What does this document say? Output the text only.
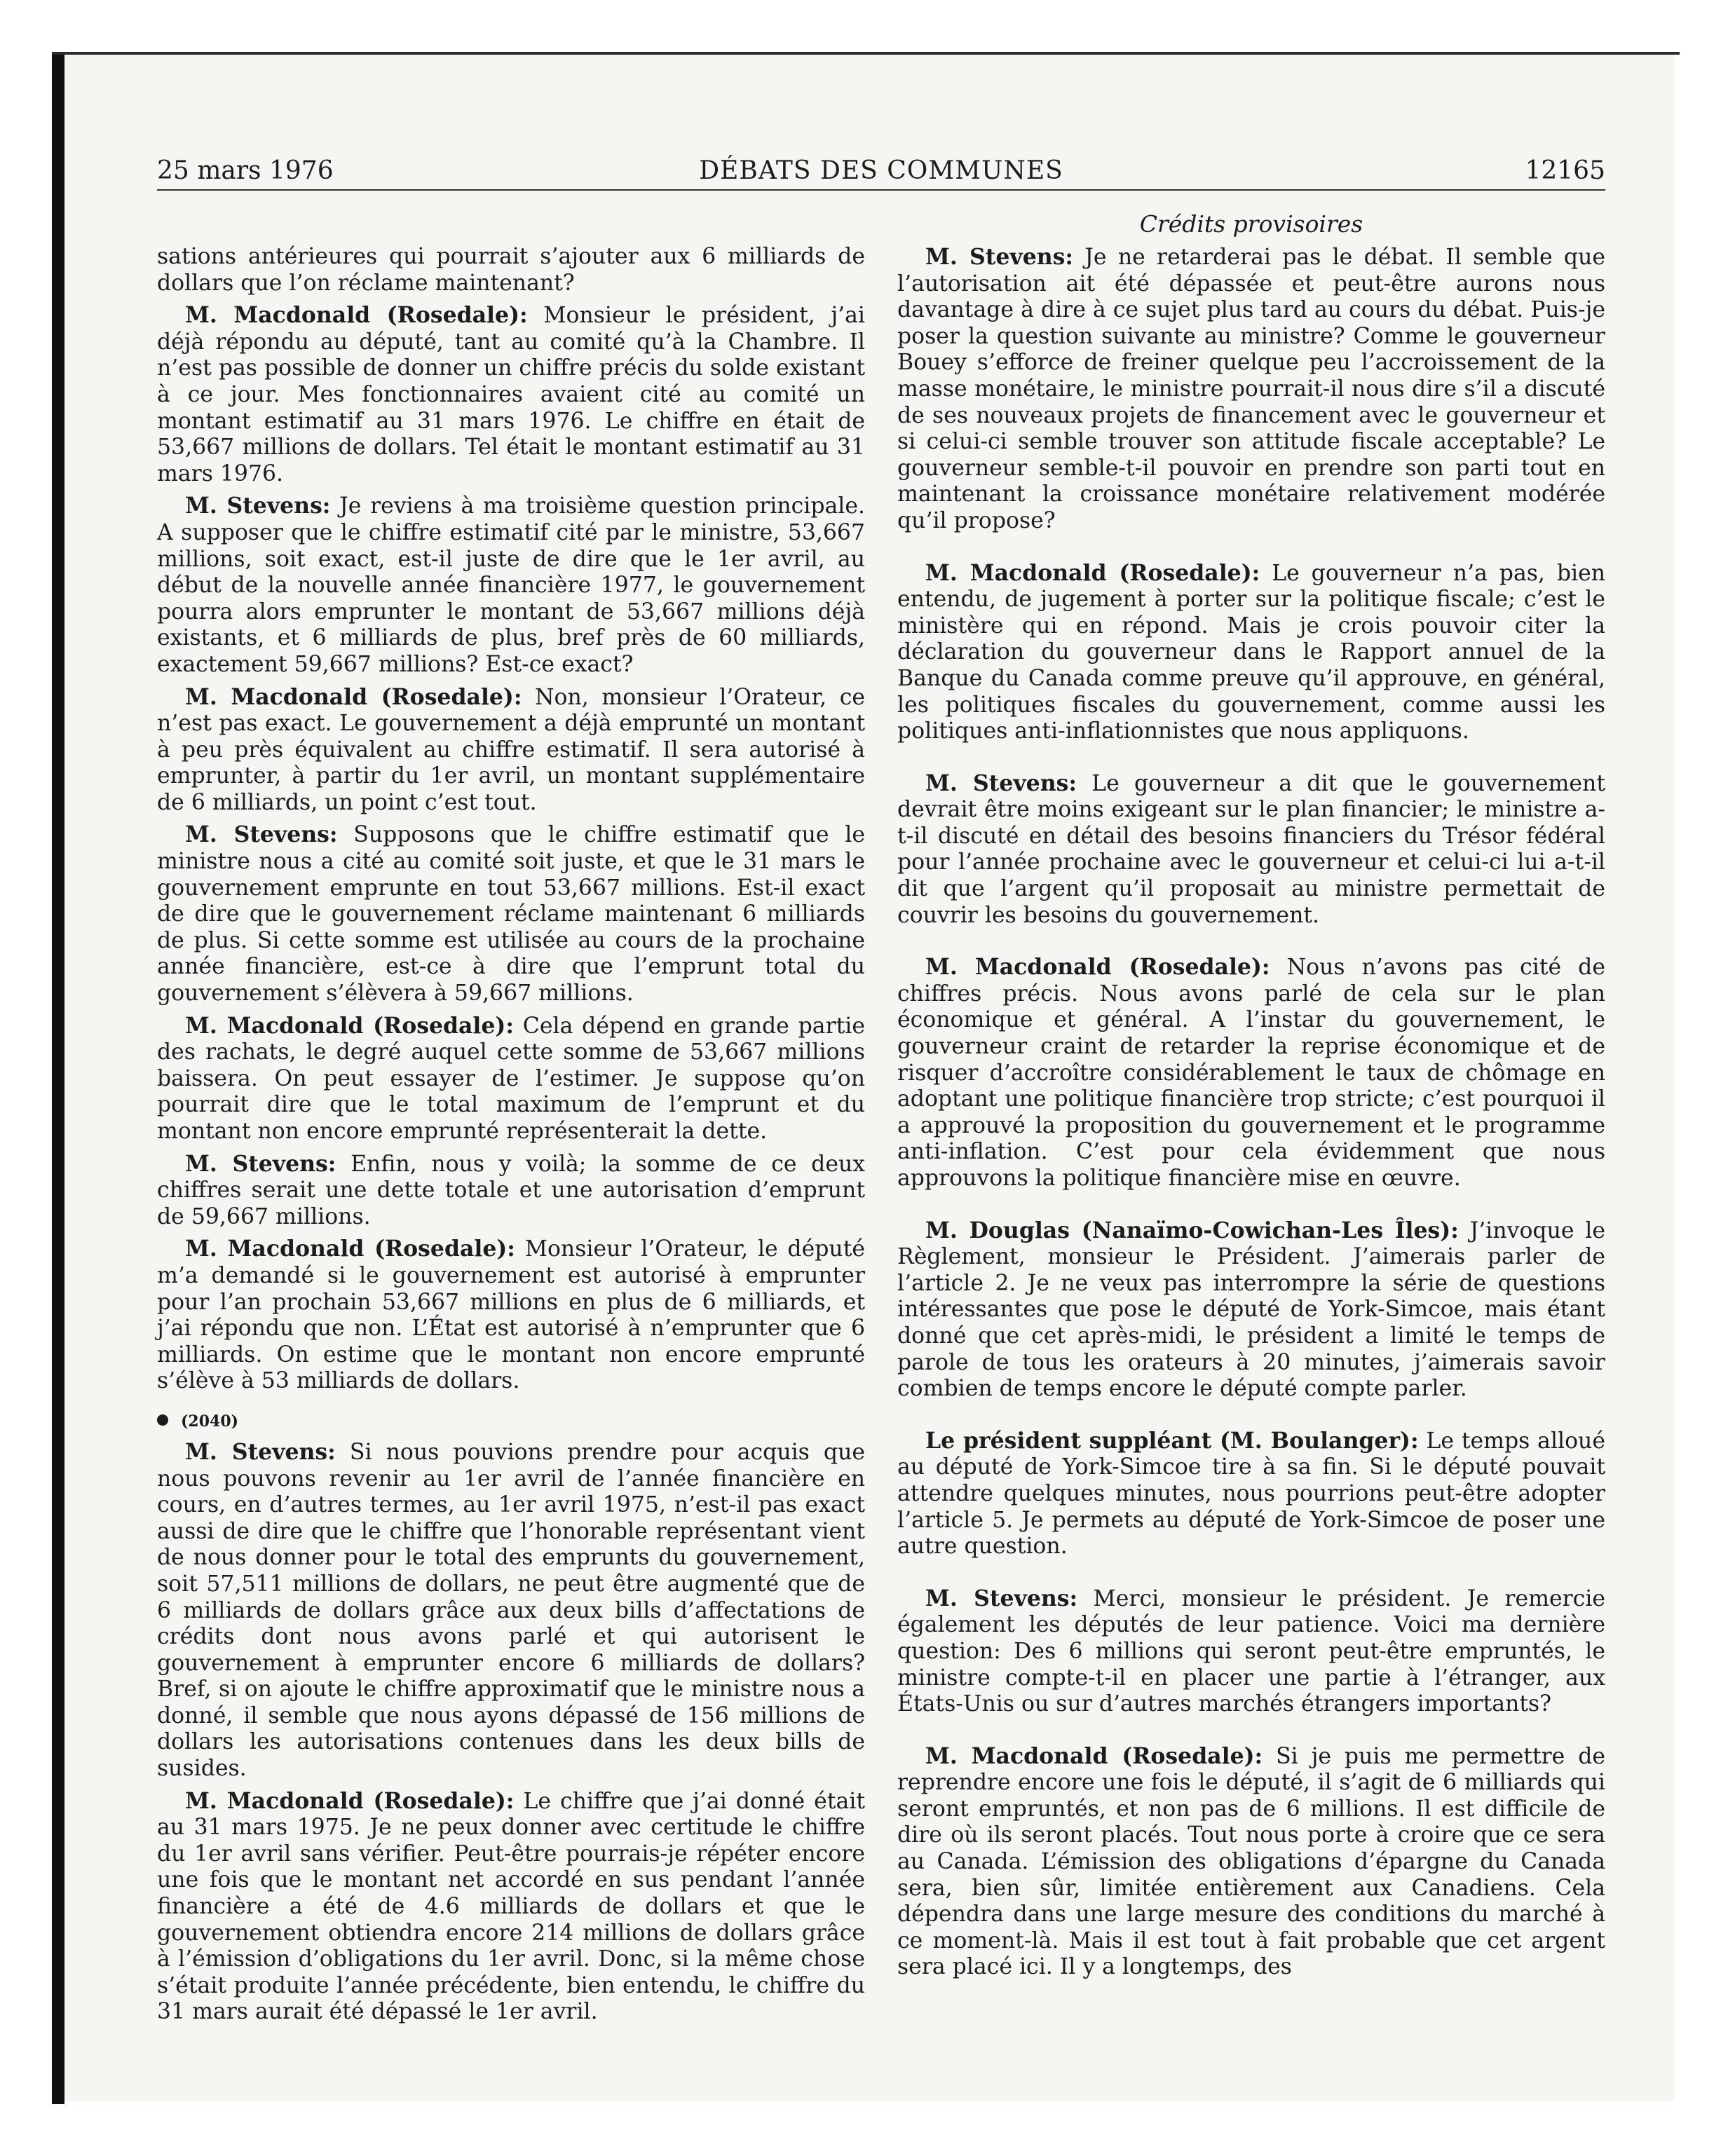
25 mars 1976	DÉBATS DES COMMUNES	12165
Crédits provisoires

sations antérieures qui pourrait s’ajouter aux 6 milliards de dollars que l’on réclame maintenant?

M. Macdonald (Rosedale): Monsieur le président, j’ai déjà répondu au député, tant au comité qu’à la Chambre. Il n’est pas possible de donner un chiffre précis du solde existant à ce jour. Mes fonctionnaires avaient cité au comité un montant estimatif au 31 mars 1976. Le chiffre en était de 53,667 millions de dollars. Tel était le montant estimatif au 31 mars 1976.

M. Stevens: Je reviens à ma troisième question principale. A supposer que le chiffre estimatif cité par le ministre, 53,667 millions, soit exact, est-il juste de dire que le 1er avril, au début de la nouvelle année financière 1977, le gouvernement pourra alors emprunter le montant de 53,667 millions déjà existants, et 6 milliards de plus, bref près de 60 milliards, exactement 59,667 millions? Est-ce exact?

M. Macdonald (Rosedale): Non, monsieur l’Orateur, ce n’est pas exact. Le gouvernement a déjà emprunté un montant à peu près équivalent au chiffre estimatif. Il sera autorisé à emprunter, à partir du 1er avril, un montant supplémentaire de 6 milliards, un point c’est tout.

M. Stevens: Supposons que le chiffre estimatif que le ministre nous a cité au comité soit juste, et que le 31 mars le gouvernement emprunte en tout 53,667 millions. Est-il exact de dire que le gouvernement réclame maintenant 6 milliards de plus. Si cette somme est utilisée au cours de la prochaine année financière, est-ce à dire que l’emprunt total du gouvernement s’élèvera à 59,667 millions.

M. Macdonald (Rosedale): Cela dépend en grande partie des rachats, le degré auquel cette somme de 53,667 millions baissera. On peut essayer de l’estimer. Je suppose qu’on pourrait dire que le total maximum de l’emprunt et du montant non encore emprunté représenterait la dette.

M. Stevens: Enfin, nous y voilà; la somme de ce deux chiffres serait une dette totale et une autorisation d’emprunt de 59,667 millions.

M. Macdonald (Rosedale): Monsieur l’Orateur, le député m’a demandé si le gouvernement est autorisé à emprunter pour l’an prochain 53,667 millions en plus de 6 milliards, et j’ai répondu que non. L’État est autorisé à n’emprunter que 6 milliards. On estime que le montant non encore emprunté s’élève à 53 milliards de dollars.

(2040)

M. Stevens: Si nous pouvions prendre pour acquis que nous pouvons revenir au 1er avril de l’année financière en cours, en d’autres termes, au 1er avril 1975, n’est-il pas exact aussi de dire que le chiffre que l’honorable représentant vient de nous donner pour le total des emprunts du gouvernement, soit 57,511 millions de dollars, ne peut être augmenté que de 6 milliards de dollars grâce aux deux bills d’affectations de crédits dont nous avons parlé et qui autorisent le gouvernement à emprunter encore 6 milliards de dollars? Bref, si on ajoute le chiffre approximatif que le ministre nous a donné, il semble que nous ayons dépassé de 156 millions de dollars les autorisations contenues dans les deux bills de susides.

M. Macdonald (Rosedale): Le chiffre que j’ai donné était au 31 mars 1975. Je ne peux donner avec certitude le chiffre du 1er avril sans vérifier. Peut-être pourrais-je répéter encore une fois que le montant net accordé en sus pendant l’année financière a été de 4.6 milliards de dollars et que le gouvernement obtiendra encore 214 millions de dollars grâce à l’émission d’obligations du 1er avril. Donc, si la même chose s’était produite l’année précédente, bien entendu, le chiffre du 31 mars aurait été dépassé le 1er avril.

M. Stevens: Je ne retarderai pas le débat. Il semble que l’autorisation ait été dépassée et peut-être aurons nous davantage à dire à ce sujet plus tard au cours du débat. Puis-je poser la question suivante au ministre? Comme le gouverneur Bouey s’efforce de freiner quelque peu l’accroissement de la masse monétaire, le ministre pourrait-il nous dire s’il a discuté de ses nouveaux projets de financement avec le gouverneur et si celui-ci semble trouver son attitude fiscale acceptable? Le gouverneur semble-t-il pouvoir en prendre son parti tout en maintenant la croissance monétaire relativement modérée qu’il propose?

M. Macdonald (Rosedale): Le gouverneur n’a pas, bien entendu, de jugement à porter sur la politique fiscale; c’est le ministère qui en répond. Mais je crois pouvoir citer la déclaration du gouverneur dans le Rapport annuel de la Banque du Canada comme preuve qu’il approuve, en général, les politiques fiscales du gouvernement, comme aussi les politiques anti-inflationnistes que nous appliquons.

M. Stevens: Le gouverneur a dit que le gouvernement devrait être moins exigeant sur le plan financier; le ministre a-t-il discuté en détail des besoins financiers du Trésor fédéral pour l’année prochaine avec le gouverneur et celui-ci lui a-t-il dit que l’argent qu’il proposait au ministre permettait de couvrir les besoins du gouvernement.

M. Macdonald (Rosedale): Nous n’avons pas cité de chiffres précis. Nous avons parlé de cela sur le plan économique et général. A l’instar du gouvernement, le gouverneur craint de retarder la reprise économique et de risquer d’accroître considérablement le taux de chômage en adoptant une politique financière trop stricte; c’est pourquoi il a approuvé la proposition du gouvernement et le programme anti-inflation. C’est pour cela évidemment que nous approuvons la politique financière mise en œuvre.

M. Douglas (Nanaïmo-Cowichan-Les Îles): J’invoque le Règlement, monsieur le Président. J’aimerais parler de l’article 2. Je ne veux pas interrompre la série de questions intéressantes que pose le député de York-Simcoe, mais étant donné que cet après-midi, le président a limité le temps de parole de tous les orateurs à 20 minutes, j’aimerais savoir combien de temps encore le député compte parler.

Le président suppléant (M. Boulanger): Le temps alloué au député de York-Simcoe tire à sa fin. Si le député pouvait attendre quelques minutes, nous pourrions peut-être adopter l’article 5. Je permets au député de York-Simcoe de poser une autre question.

M. Stevens: Merci, monsieur le président. Je remercie également les députés de leur patience. Voici ma dernière question: Des 6 millions qui seront peut-être empruntés, le ministre compte-t-il en placer une partie à l’étranger, aux États-Unis ou sur d’autres marchés étrangers importants?

M. Macdonald (Rosedale): Si je puis me permettre de reprendre encore une fois le député, il s’agit de 6 milliards qui seront empruntés, et non pas de 6 millions. Il est difficile de dire où ils seront placés. Tout nous porte à croire que ce sera au Canada. L’émission des obligations d’épargne du Canada sera, bien sûr, limitée entièrement aux Canadiens. Cela dépendra dans une large mesure des conditions du marché à ce moment-là. Mais il est tout à fait probable que cet argent sera placé ici. Il y a longtemps, des
